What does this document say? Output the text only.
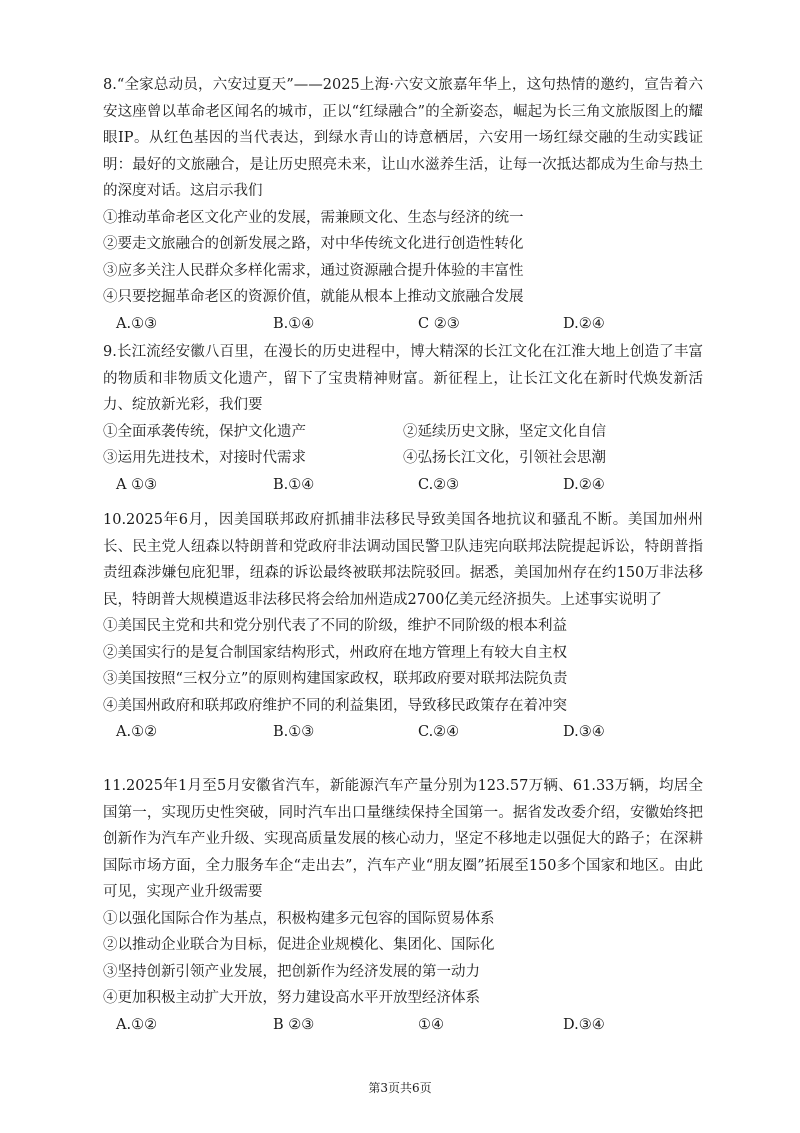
8.“全家总动员，六安过夏天”——2025上海·六安文旅嘉年华上，这句热情的邀约，宣告着六安这座曾以革命老区闻名的城市，正以“红绿融合”的全新姿态，崛起为长三角文旅版图上的耀眼IP。从红色基因的当代表达，到绿水青山的诗意栖居，六安用一场红绿交融的生动实践证明：最好的文旅融合，是让历史照亮未来，让山水滋养生活，让每一次抵达都成为生命与热土的深度对话。这启示我们

①推动革命老区文化产业的发展，需兼顾文化、生态与经济的统一

②要走文旅融合的创新发展之路，对中华传统文化进行创造性转化

③应多关注人民群众多样化需求，通过资源融合提升体验的丰富性

④只要挖掘革命老区的资源价值，就能从根本上推动文旅融合发展

A.①③	B.①④	C ②③	D.②④

9.长江流经安徽八百里，在漫长的历史进程中，博大精深的长江文化在江淮大地上创造了丰富的物质和非物质文化遗产，留下了宝贵精神财富。新征程上，让长江文化在新时代焕发新活力、绽放新光彩，我们要

①全面承袭传统，保护文化遗产	②延续历史文脉，坚定文化自信

③运用先进技术，对接时代需求	④弘扬长江文化，引领社会思潮

A ①③	B.①④	C.②③	D.②④

10.2025年6月，因美国联邦政府抓捕非法移民导致美国各地抗议和骚乱不断。美国加州州长、民主党人纽森以特朗普和党政府非法调动国民警卫队违宪向联邦法院提起诉讼，特朗普指责纽森涉嫌包庇犯罪，纽森的诉讼最终被联邦法院驳回。据悉，美国加州存在约150万非法移民，特朗普大规模遣返非法移民将会给加州造成2700亿美元经济损失。上述事实说明了

①美国民主党和共和党分别代表了不同的阶级，维护不同阶级的根本利益

②美国实行的是复合制国家结构形式，州政府在地方管理上有较大自主权

③美国按照“三权分立”的原则构建国家政权，联邦政府要对联邦法院负责

④美国州政府和联邦政府维护不同的利益集团，导致移民政策存在着冲突

A.①②	B.①③	C.②④	D.③④

11.2025年1月至5月安徽省汽车，新能源汽车产量分别为123.57万辆、61.33万辆，均居全国第一，实现历史性突破，同时汽车出口量继续保持全国第一。据省发改委介绍，安徽始终把创新作为汽车产业升级、实现高质量发展的核心动力，坚定不移地走以强促大的路子；在深耕国际市场方面，全力服务车企“走出去”，汽车产业“朋友圈”拓展至150多个国家和地区。由此可见，实现产业升级需要

①以强化国际合作为基点，积极构建多元包容的国际贸易体系

②以推动企业联合为目标，促进企业规模化、集团化、国际化

③坚持创新引领产业发展，把创新作为经济发展的第一动力

④更加积极主动扩大开放，努力建设高水平开放型经济体系

A.①②	B ②③	①④	D.③④
第3页共6页
